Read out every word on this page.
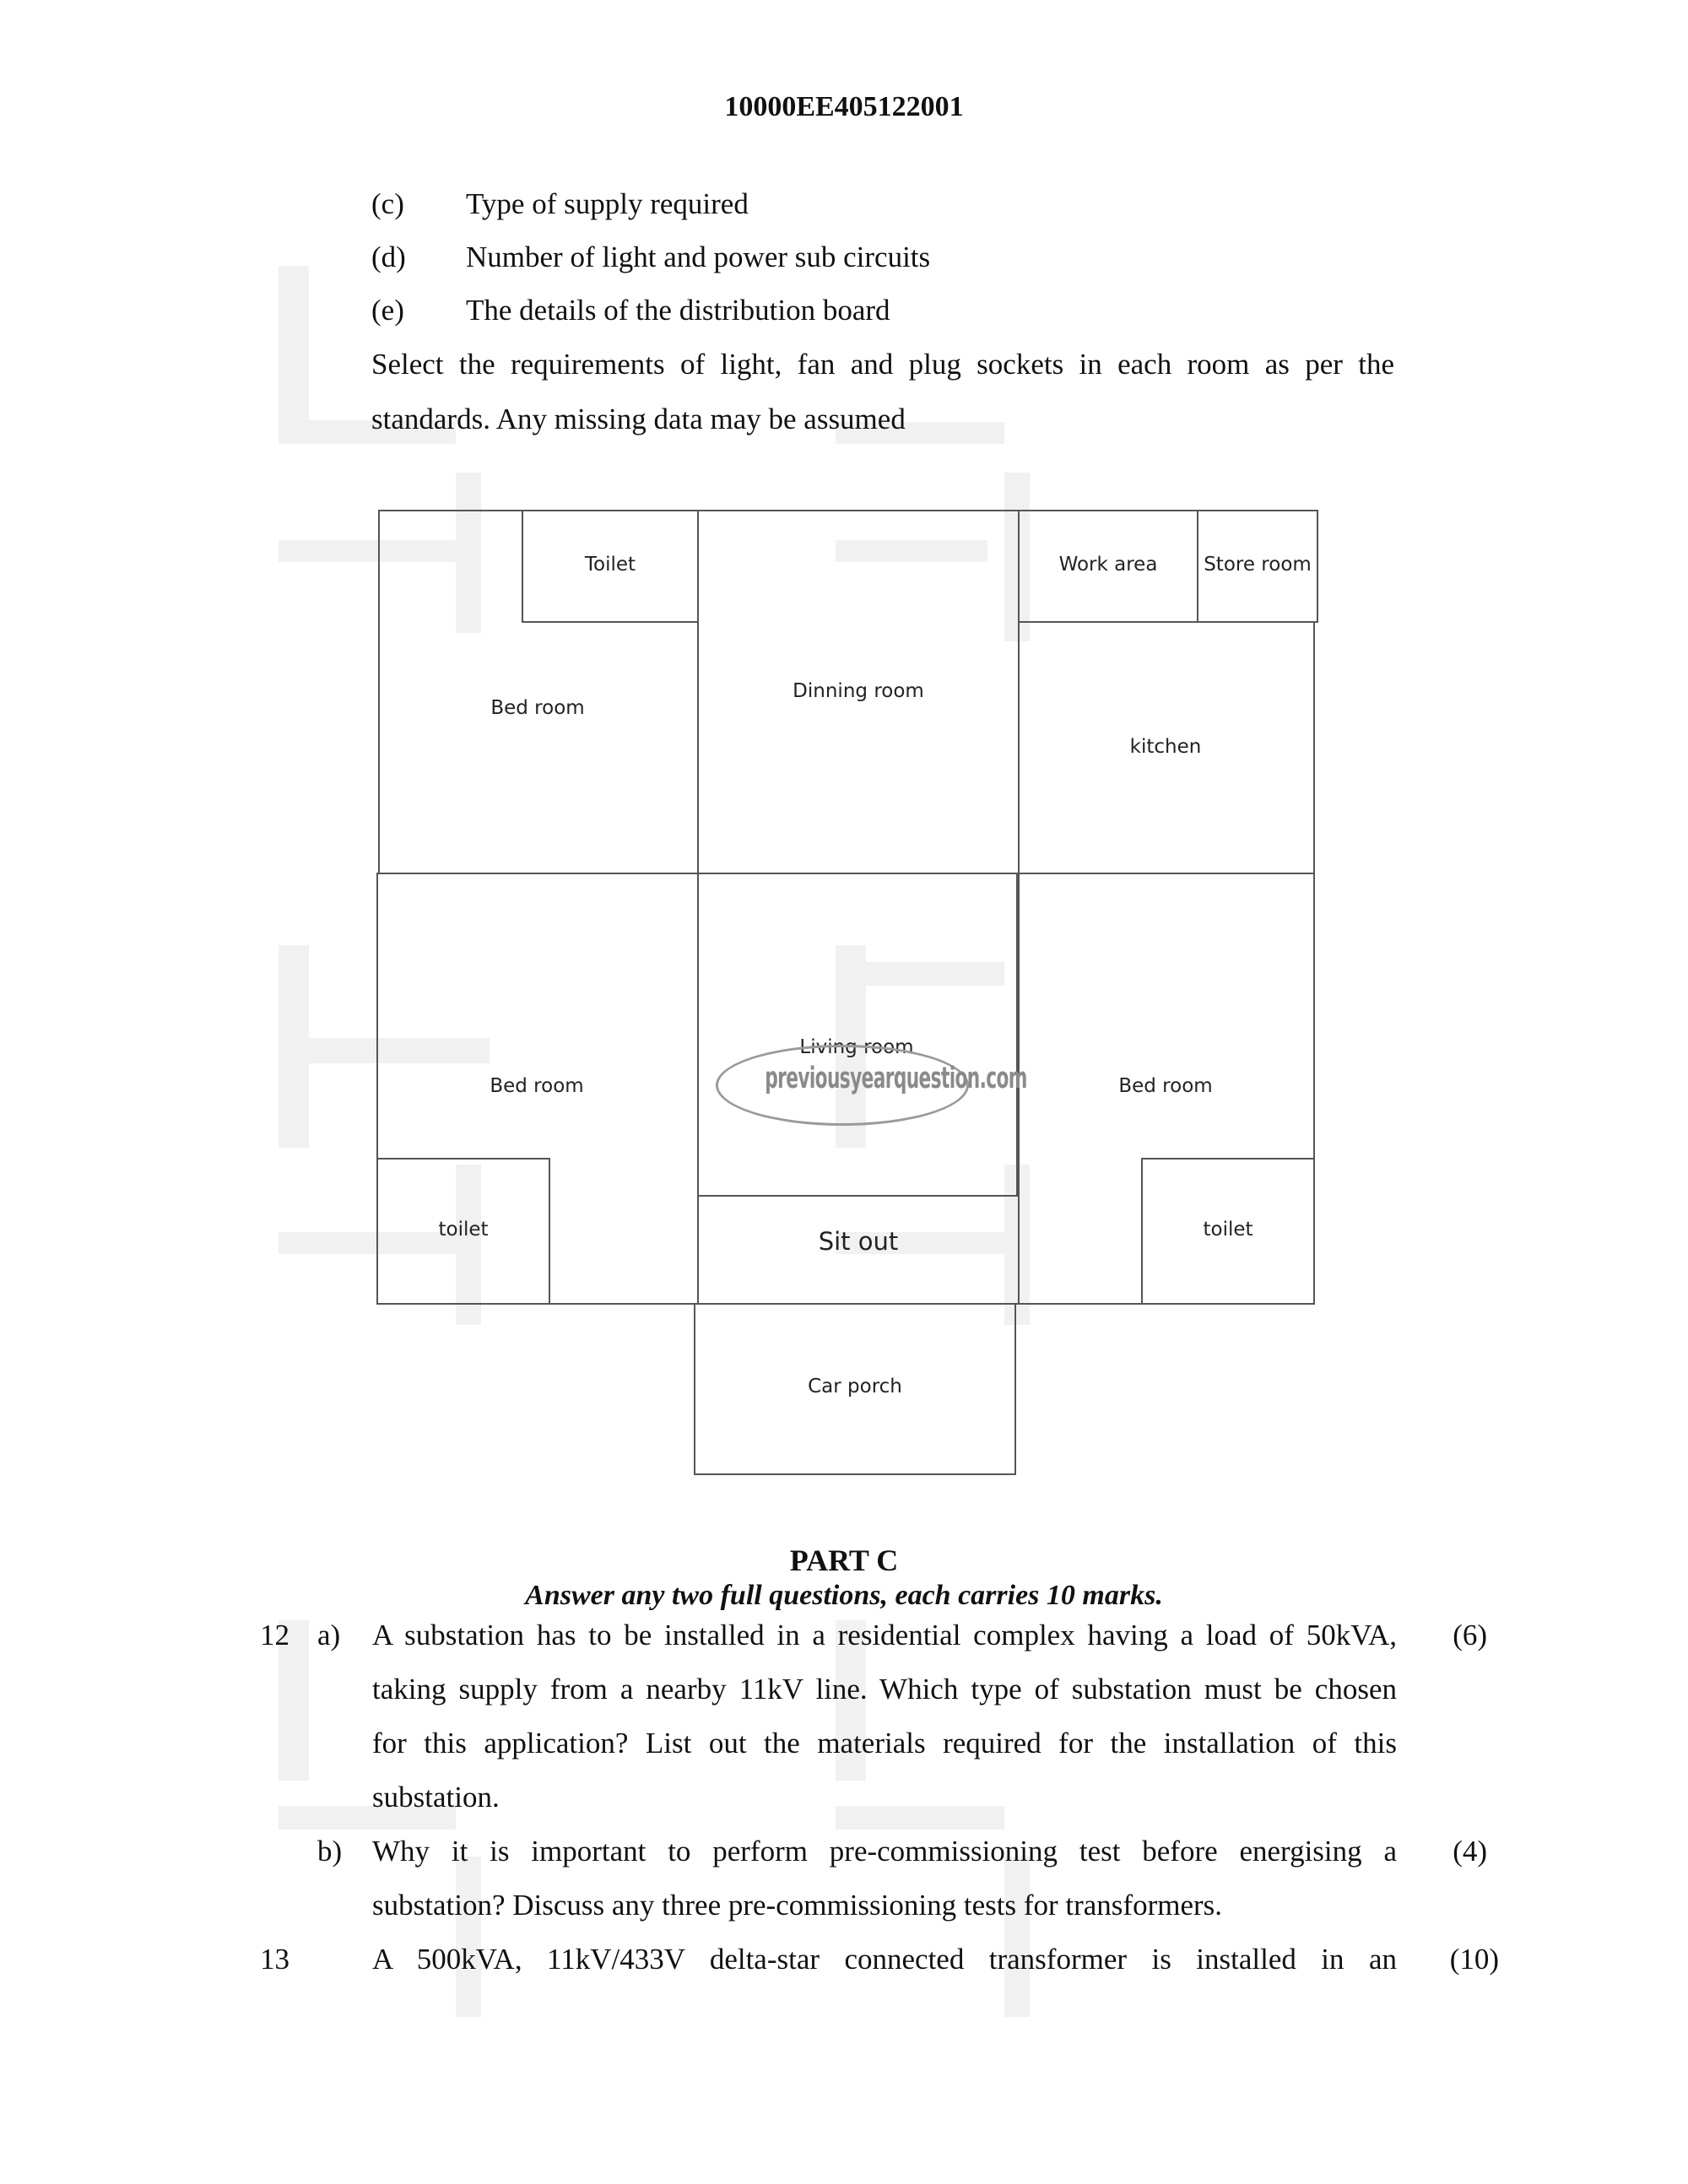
10000EE405122001
(c) Type of supply required
(d) Number of light and power sub circuits
(e) The details of the distribution board
Select the requirements of light, fan and plug sockets in each room as per the
standards. Any missing data may be assumed
Toilet	Work area Store room
Bed room
Dinning room
kitchen
Bed room
Living room
Bed room
toilet	Sit out	toilet
Car porch
previousyearquestion.com
PART C
Answer any two full questions, each carries 10 marks.
12 a) A substation has to be installed in a residential complex having a load of 50kVA,	(6)
taking supply from a nearby 11kV line. Which type of substation must be chosen
for this application? List out the materials required for the installation of this
substation.
b) Why it is important to perform pre-commissioning test before energising a	(4)
substation? Discuss any three pre-commissioning tests for transformers.
13	A 500kVA, 11kV/433V delta-star connected transformer is installed in an	(10)
